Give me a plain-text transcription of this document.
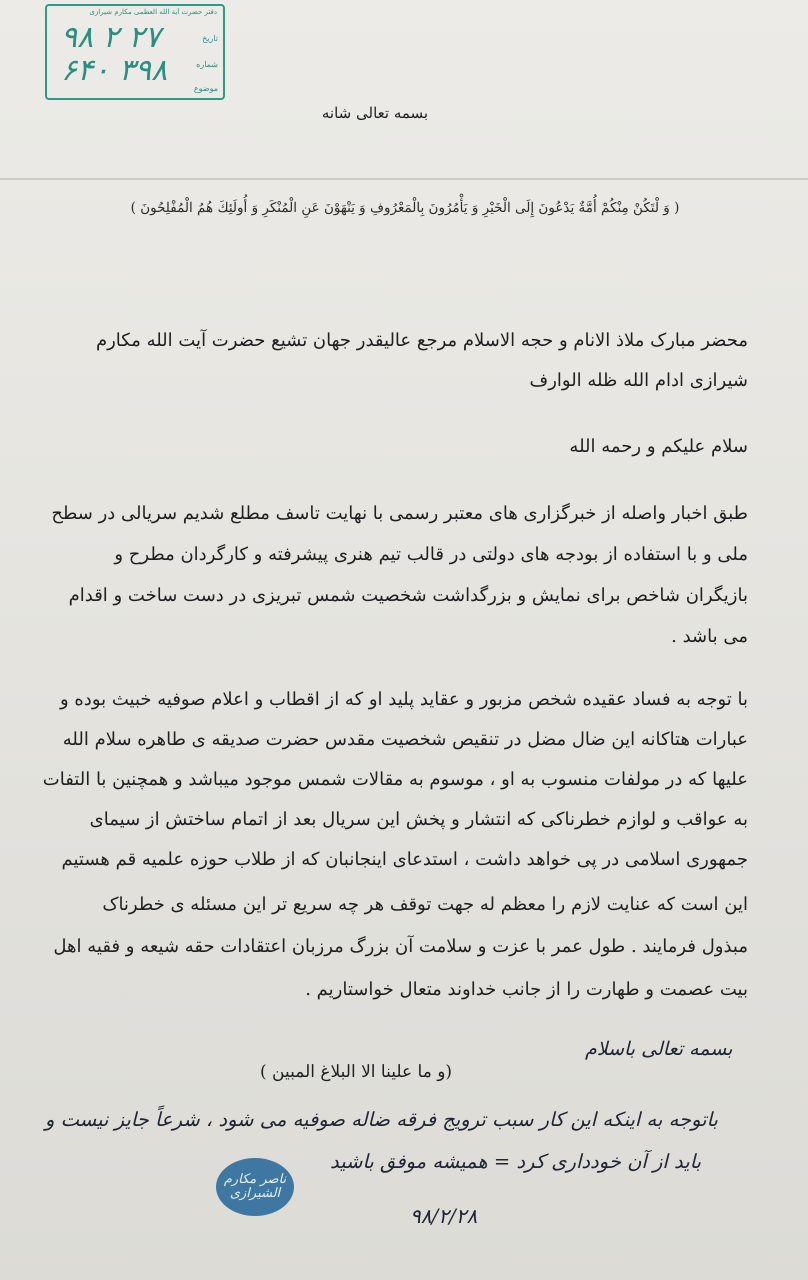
دفتر حضرت آیة الله العظمی مکارم شیرازی
تاریخ
شماره
موضوع
۹۸ ۲ ۲۷
۶۴۰ ۳۹۸
بسمه تعالی شانه
( وَ لْتَكُنْ مِنْكُمْ أُمَّةٌ يَدْعُونَ إِلَى الْخَيْرِ وَ يَأْمُرُونَ بِالْمَعْرُوفِ وَ يَنْهَوْنَ عَنِ الْمُنْكَرِ وَ أُولَئِكَ هُمُ الْمُفْلِحُونَ )
محضر مبارک ملاذ الانام و حجه الاسلام مرجع عالیقدر جهان تشیع حضرت آیت الله مکارم
شیرازی ادام الله ظله الوارف
سلام علیکم و رحمه الله
طبق اخبار واصله از خبرگزاری های معتبر رسمی با نهایت تاسف مطلع شدیم سریالی در سطح
ملی و با استفاده از بودجه های دولتی در قالب تیم هنری پیشرفته و کارگردان مطرح و
بازیگران شاخص برای نمایش و بزرگداشت شخصیت شمس تبریزی در دست ساخت و اقدام
می باشد .
با توجه به فساد عقیده شخص مزبور و عقاید پلید او که از اقطاب و اعلام صوفیه خبیث بوده و
عبارات هتاکانه این ضال مضل در تنقیص شخصیت مقدس حضرت صدیقه ی طاهره سلام الله
علیها که در مولفات منسوب به او ، موسوم به مقالات شمس موجود میباشد و همچنین با التفات
به عواقب و لوازم خطرناکی که انتشار و پخش این سریال بعد از اتمام ساختش از سیمای
جمهوری اسلامی در پی خواهد داشت ، استدعای اینجانبان که از طلاب حوزه علمیه قم هستیم
این است که عنایت لازم را معظم له جهت توقف هر چه سریع تر این مسئله ی خطرناک
مبذول فرمایند . طول عمر با عزت و سلامت آن بزرگ مرزبان اعتقادات حقه شیعه و فقیه اهل
بیت عصمت و طهارت را از جانب خداوند متعال خواستاریم .
(و ما علینا الا البلاغ المبین )
بسمه تعالی باسلام
باتوجه به اینکه این کار سبب ترویج فرقه ضاله صوفیه می شود ، شرعاً جایز نیست و
باید از آن خودداری کرد = همیشه موفق باشید
۹۸/۲/۲۸
ناصر مکارم الشیرازی
